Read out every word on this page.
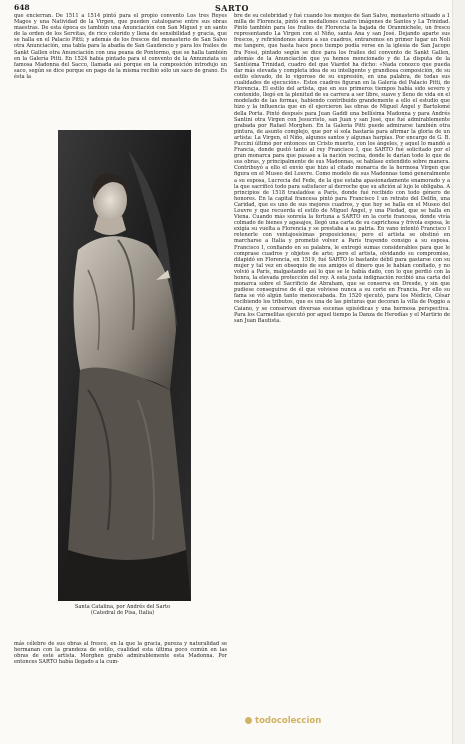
648	SARTO

que encierran. De 1511 a 1514 pintó para el propio convento Los tres Reyes Magos y una Natividad de la Virgen, que pueden catalogarse entre sus obras maestras. De esta época es también una Anunciación con San Miguel y un santo de la orden de los Servitas, de rico colorido y llena de sensibilidad y gracia, que se halla en el Palacio Pitti; y además de los frescos del monasterio de San Salvo otra Anunciación, una tabla para la abadía de San Gaudencio y para los frailes de Sankt Gallen otra Anunciación con una peana de Pontormo, que se halla también en la Galería Pitti. En 1524 había pintado para el convento de la Annunziata su famosa Madonna del Sacco, llamada así porque en la composición introdujo un saco, según se dice porque en pago de la misma recibió sólo un saco de grano. Es ésta la

Santa Catalina, por Andrés del Sarto
(Catedral de Pisa, Italia)

más célebre de sus obras al fresco, en la que la gracia, pureza y naturalidad se hermanan con la grandeza de estilo, cualidad esta última poco común en las obras de este artista. Morghen grabó admirablemente esta Madonna. Por entonces SARTO había llegado a la cum-

bre de su celebridad y fué cuando los monjes de San Salvo, monasterio situado a 1 milla de Florencia, pintó en medallones cuatro imágenes de Santos y La Trinidad. Pintó también para los frailes de Florencia la bajada de Oranmichele, un fresco representando La Virgen con el Niño, santa Ana y san José. Dejando aparte sus frescos, y refiriéndonos ahora a sus cuadros, entraremos en primer lugar un Noli me tangere, que hasta hace poco tiempo podía verse en la iglesia de San Jacopo fra Fossi, pintado según se dice para los frailes del convento de Sankt Gallen, además de la Anunciación que ya hemos mencionado y de La disputa de la Santísima Trinidad, cuadro del que Viardot ha dicho: «Nada conozco que pueda dar más elevada y completa idea de su inteligente y grandiosa composición, de su estilo elevado, de lo vigoroso de su expresión, en una palabra, de todas sus cualidades de ejecución». Estos cuadros figuran en la Galería del Palacio Pitti, de Florencia. El estilo del artista, que en sus primeros tiempos había sido severo y contenido, llegó en la plenitud de su carrera a ser libre, suave y lleno de vida en el modelado de las formas, habiendo contribuido grandemente a ello el estudio que hizo y la influencia que en él ejercieron las obras de Miguel Ángel y Bartolomé della Porta. Pintó después para Juan Gaddi una bellísima Madonna y para Andrés Santini otra Virgen con Jesucristo, san Juan y san José, que fué admirablemente grabada por Rafael Morghen. En la Galería Pitti puede admirarse también otra pintura, de asunto complejo, que por sí sola bastaría para afirmar la gloria de un artista: La Virgen, el Niño, algunos santos y algunas harpías. Por encargo de G. B. Puccini últimó por entonces un Cristo muerto, con los ángeles, y aquel lo mandó a Francia, donde gustó tanto al rey Francisco I, que SARTO fué solicitado por el gran monarca para que pasase a la nación vecina, donde le darían todo lo que de sus obras, y principalmente de sus Madonnas, se hablase extendido sobre manera. Contribuyó a ello el envío que hizo al citado monarca de la hermosa Virgen que figura en el Museo del Louvre. Como modelo de sus Madonnas tomó generalmente a su esposa, Lucrecia del Fede, de la que estaba apasionadamente enamorado y a la que sacrificó todo para satisfacer al derroche que su afición al lujo le obligaba. A principios de 1518 trasladóse a París, donde fué recibido con todo género de honores. En la capital francesa pintó para Francisco I un retrato del Delfín, una Caridad, que es uno de sus mejores cuadros, y que hoy se halla en el Museo del Louvre y que recuerda el estilo de Miguel Ángel, y una Piedad, que se halla en Viena. Cuando más sonreía la fortuna a SARTO en la corte francesa, donde vivía colmado de bienes y agasajos, llegó una carta de su caprichosa y frívola esposa, le exigía su vuelta a Florencia y se prestaba a su patria. En vano intentó Francisco I retenerle con ventajosísimas proposiciones; pero el artista se obstinó en marcharse a Italia y prometió volver a París trayendo consigo a su esposa. Francisco I, confiando en su palabra, le entregó sumas considerables para que le comprase cuadros y objetos de arte; pero el artista, olvidando su compromiso, dilapidó en Florencia, en 1519, fué SARTO lo bastante débil para gastarse con su mujer y tal vez en obsequio de sus amigos el dinero que le habían confiado, y no volvió a París, malgastando así lo que se le había dado, con lo que perdió con la honra, la elevada protección del rey. A esta justa indignación recibió una carta del monarca sobre el Sacrificio de Abraham, que se conserva en Dresde, y sin que pudiese conseguirse de él que volviese nunca a su corte en Francia. Por ello su fama se vió algún tanto menoscabada. En 1520 ejecutó, para los Médicis, César recibiendo los tributos, que es una de las pinturas que decoran la villa de Poggio a Caiano, y se conservan diversas escenas episódicas y una hermosa perspectiva. Para los Carmelitas ejecutó por aquel tiempo la Danza de Herodías y el Martirio de san Juan Bautista.

todocoleccion
